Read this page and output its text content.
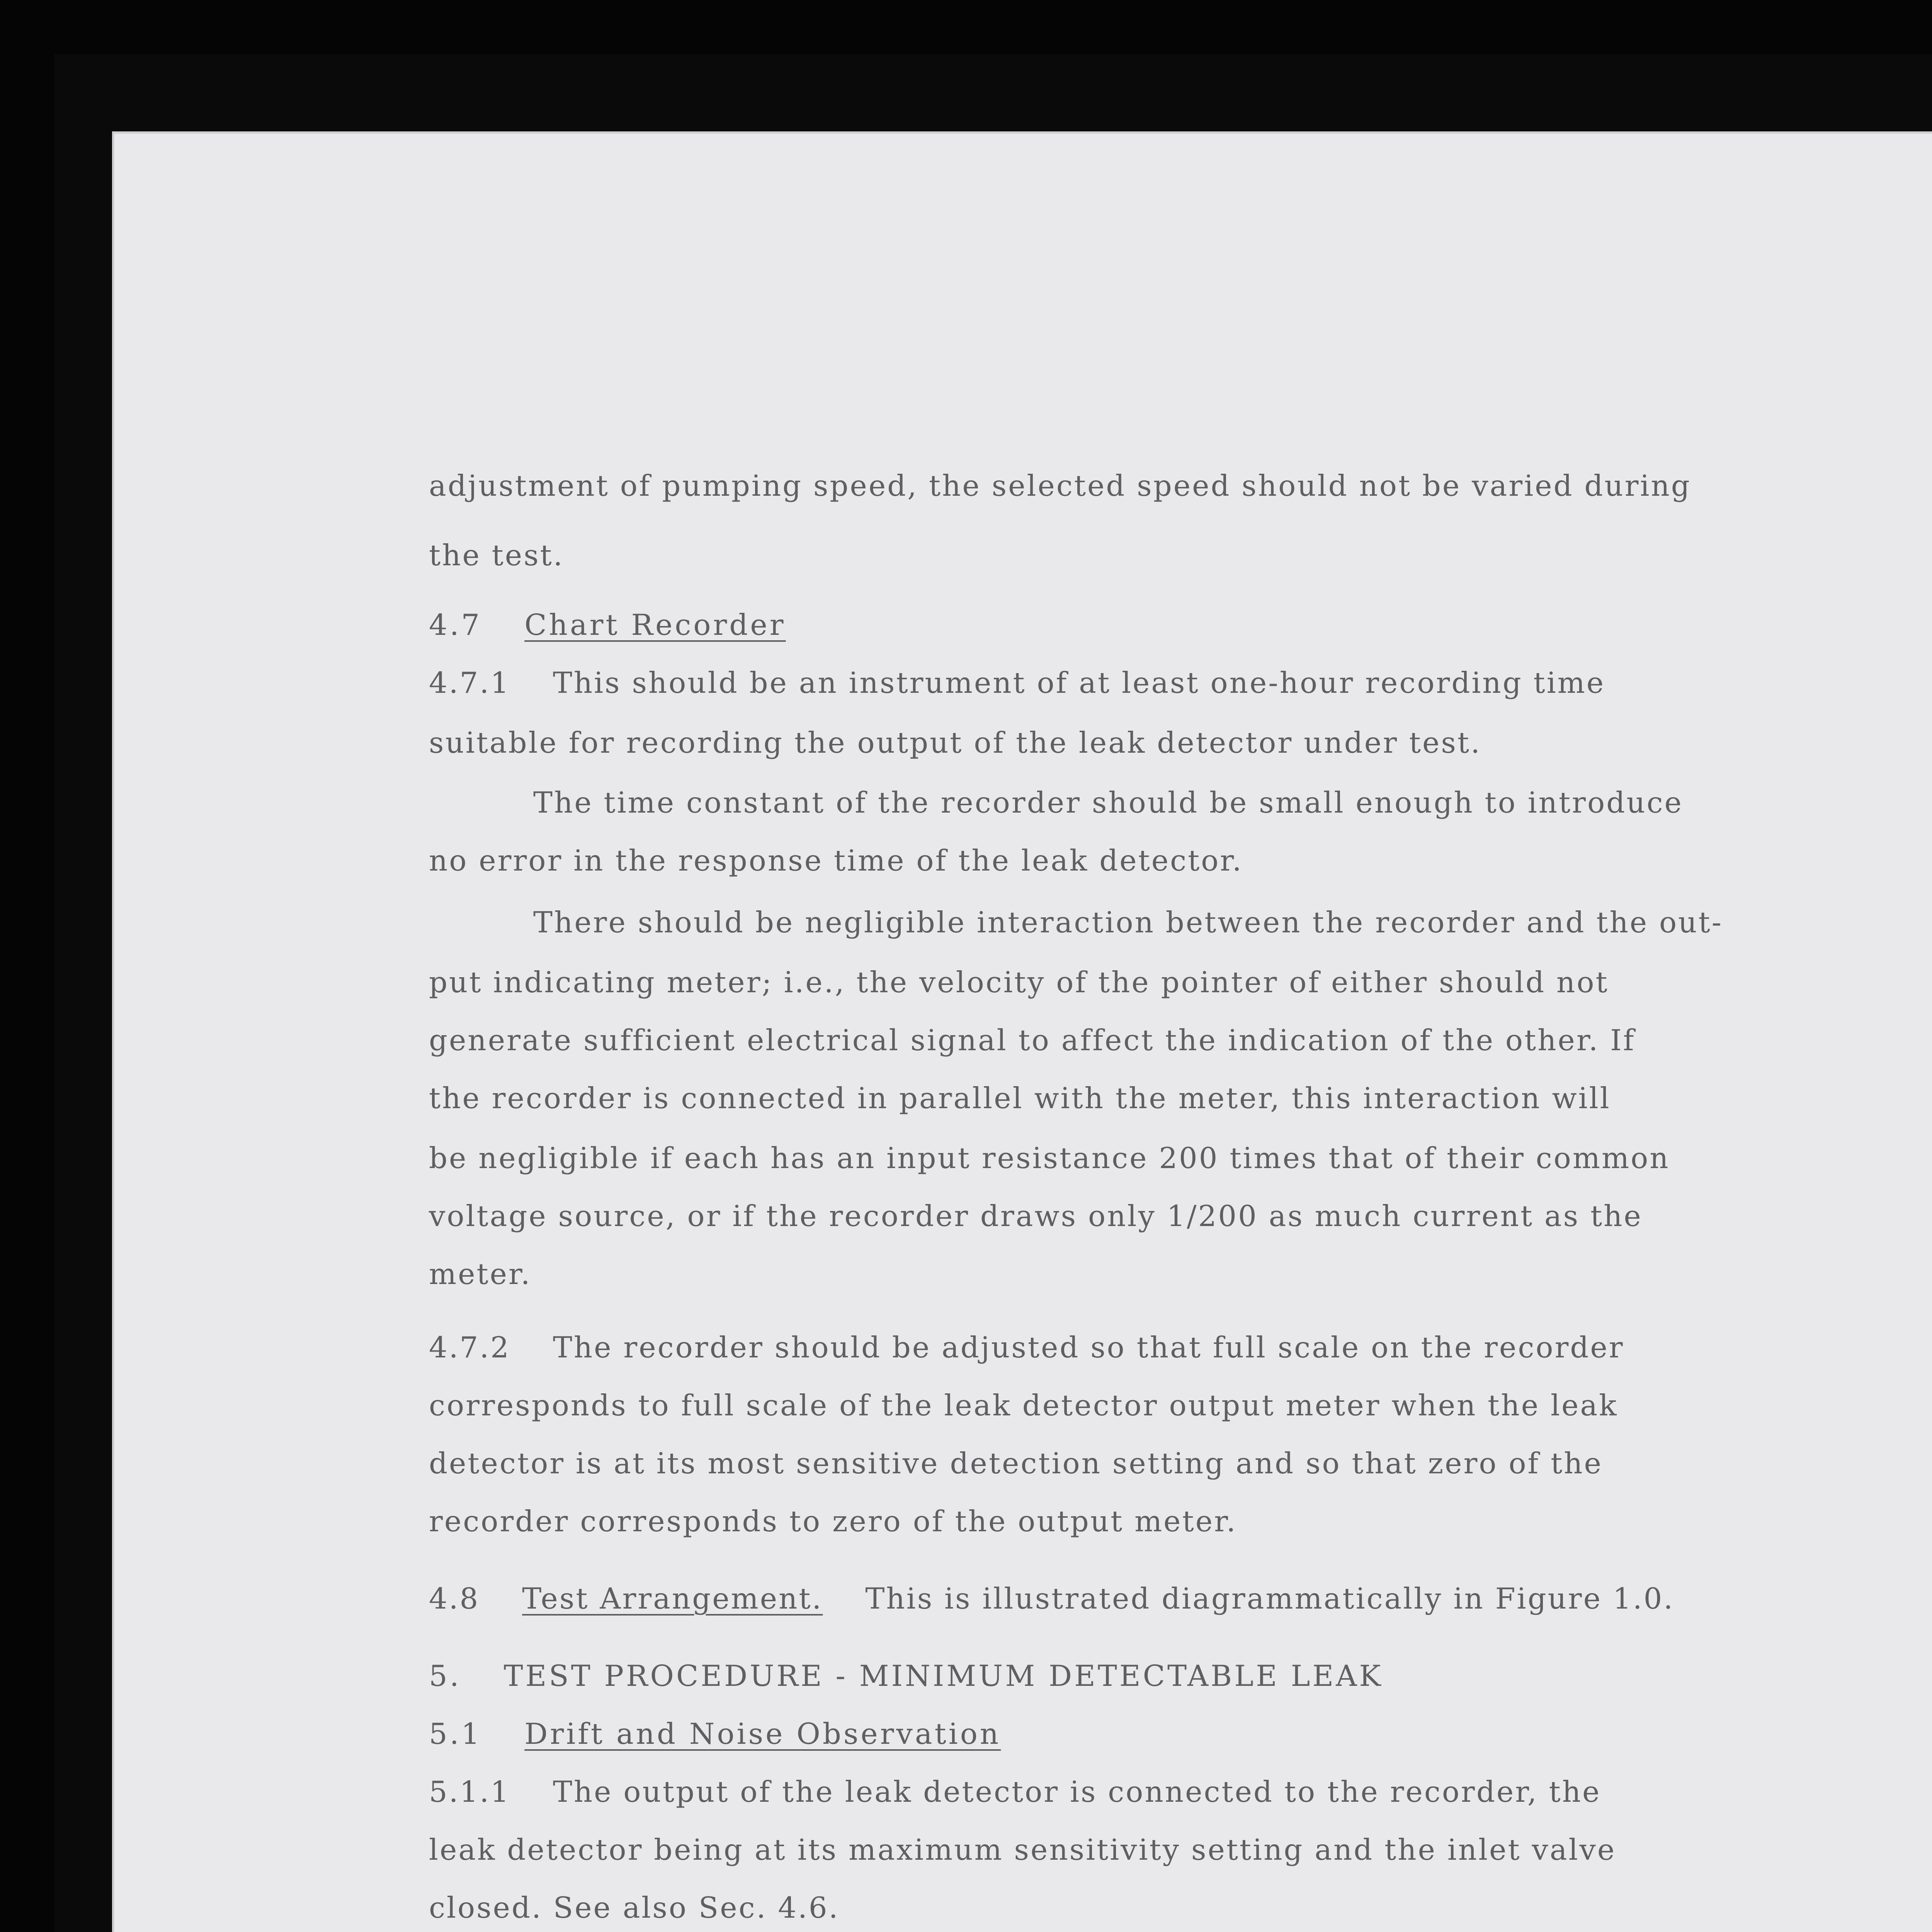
adjustment of pumping speed, the selected speed should not be varied during
the test.
4.7 Chart Recorder
4.7.1 This should be an instrument of at least one-hour recording time
suitable for recording the output of the leak detector under test.
The time constant of the recorder should be small enough to introduce
no error in the response time of the leak detector.
There should be negligible interaction between the recorder and the out-
put indicating meter; i.e., the velocity of the pointer of either should not
generate sufficient electrical signal to affect the indication of the other. If
the recorder is connected in parallel with the meter, this interaction will
be negligible if each has an input resistance 200 times that of their common
voltage source, or if the recorder draws only 1/200 as much current as the
meter.
4.7.2 The recorder should be adjusted so that full scale on the recorder
corresponds to full scale of the leak detector output meter when the leak
detector is at its most sensitive detection setting and so that zero of the
recorder corresponds to zero of the output meter.
4.8 Test Arrangement. This is illustrated diagrammatically in Figure 1.0.
5. TEST PROCEDURE - MINIMUM DETECTABLE LEAK
5.1 Drift and Noise Observation
5.1.1 The output of the leak detector is connected to the recorder, the
leak detector being at its maximum sensitivity setting and the inlet valve
closed. See also Sec. 4.6.
